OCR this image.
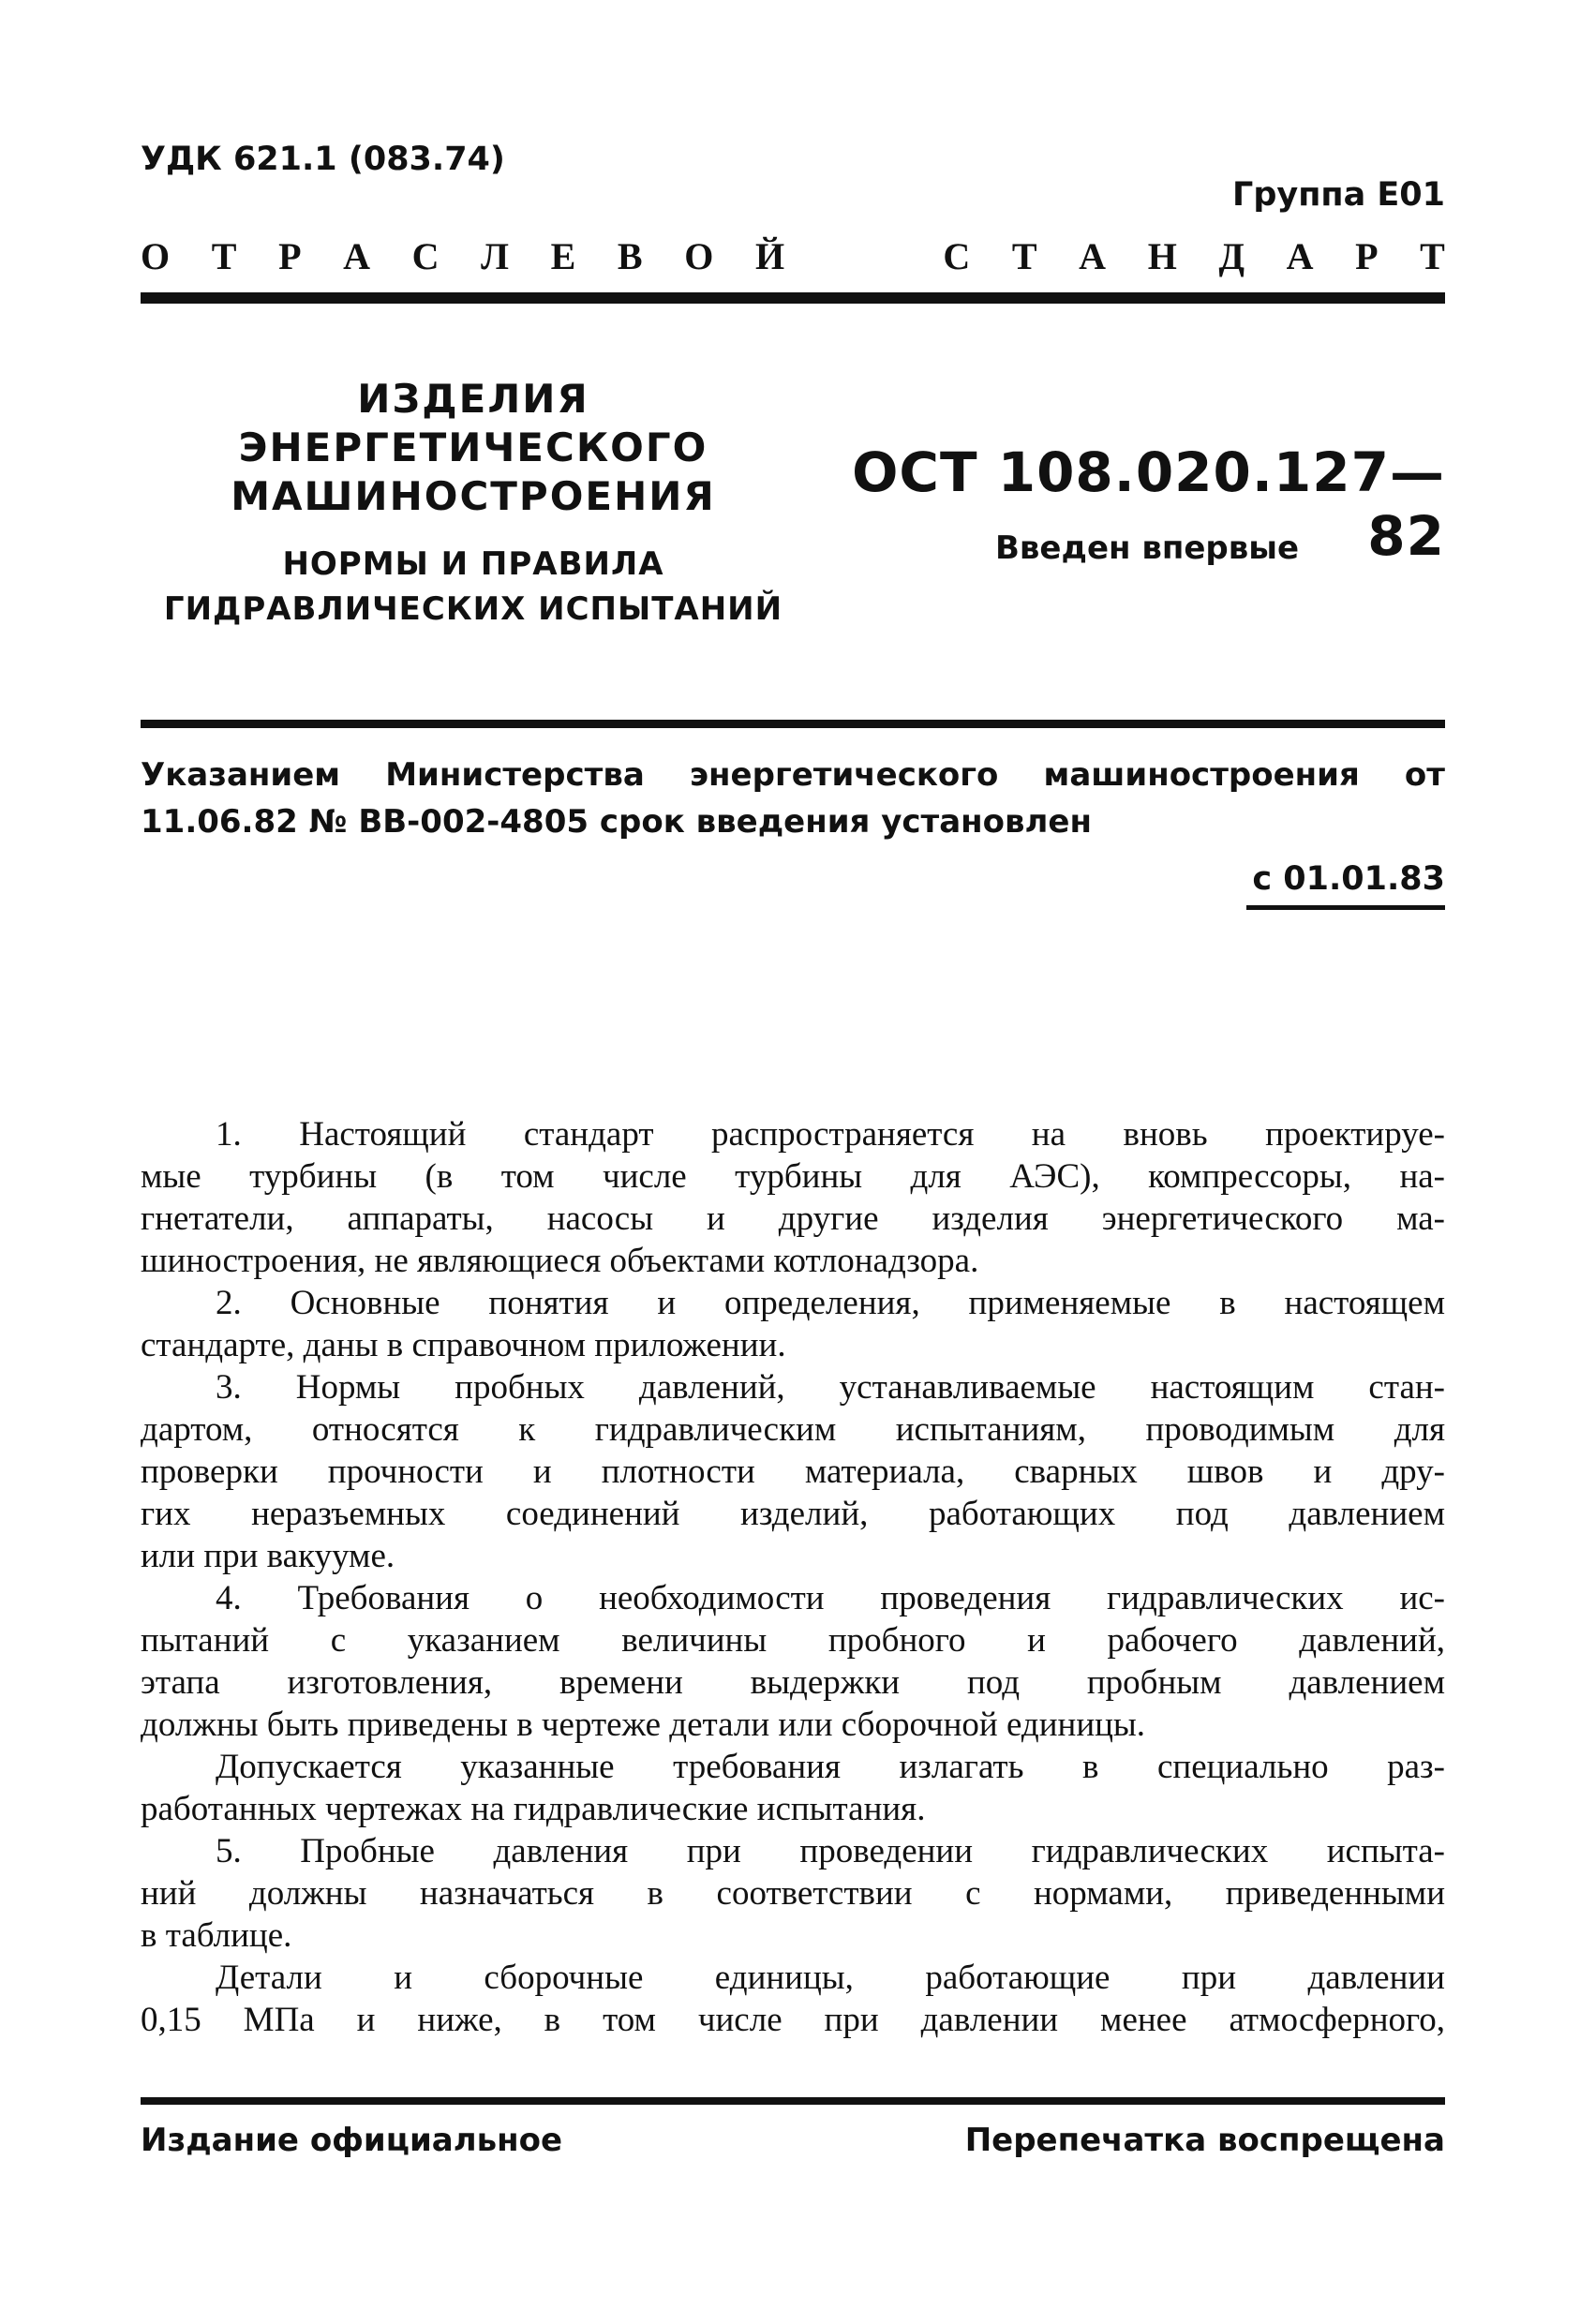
УДК 621.1 (083.74)
Группа Е01
О Т Р А С Л Е В О Й	С Т А Н Д А Р Т
ИЗДЕЛИЯ
ЭНЕРГЕТИЧЕСКОГО
МАШИНОСТРОЕНИЯ
НОРМЫ И ПРАВИЛА
ГИДРАВЛИЧЕСКИХ ИСПЫТАНИЙ
ОСТ 108.020.127—82
Введен впервые
Указанием Министерства энергетического машиностроения от
11.06.82 № ВВ-002-4805 срок введения установлен
с 01.01.83
1. Настоящий стандарт распространяется на вновь проектируе-
мые турбины (в том числе турбины для АЭС), компрессоры, на-
гнетатели, аппараты, насосы и другие изделия энергетического ма-
шиностроения, не являющиеся объектами котлонадзора.
2. Основные понятия и определения, применяемые в настоящем
стандарте, даны в справочном приложении.
3. Нормы пробных давлений, устанавливаемые настоящим стан-
дартом, относятся к гидравлическим испытаниям, проводимым для
проверки прочности и плотности материала, сварных швов и дру-
гих неразъемных соединений изделий, работающих под давлением
или при вакууме.
4. Требования о необходимости проведения гидравлических ис-
пытаний с указанием величины пробного и рабочего давлений,
этапа изготовления, времени выдержки под пробным давлением
должны быть приведены в чертеже детали или сборочной единицы.
Допускается указанные требования излагать в специально раз-
работанных чертежах на гидравлические испытания.
5. Пробные давления при проведении гидравлических испыта-
ний должны назначаться в соответствии с нормами, приведенными
в таблице.
Детали и сборочные единицы, работающие при давлении
0,15 МПа и ниже, в том числе при давлении менее атмосферного,
Издание официальное	Перепечатка воспрещена
